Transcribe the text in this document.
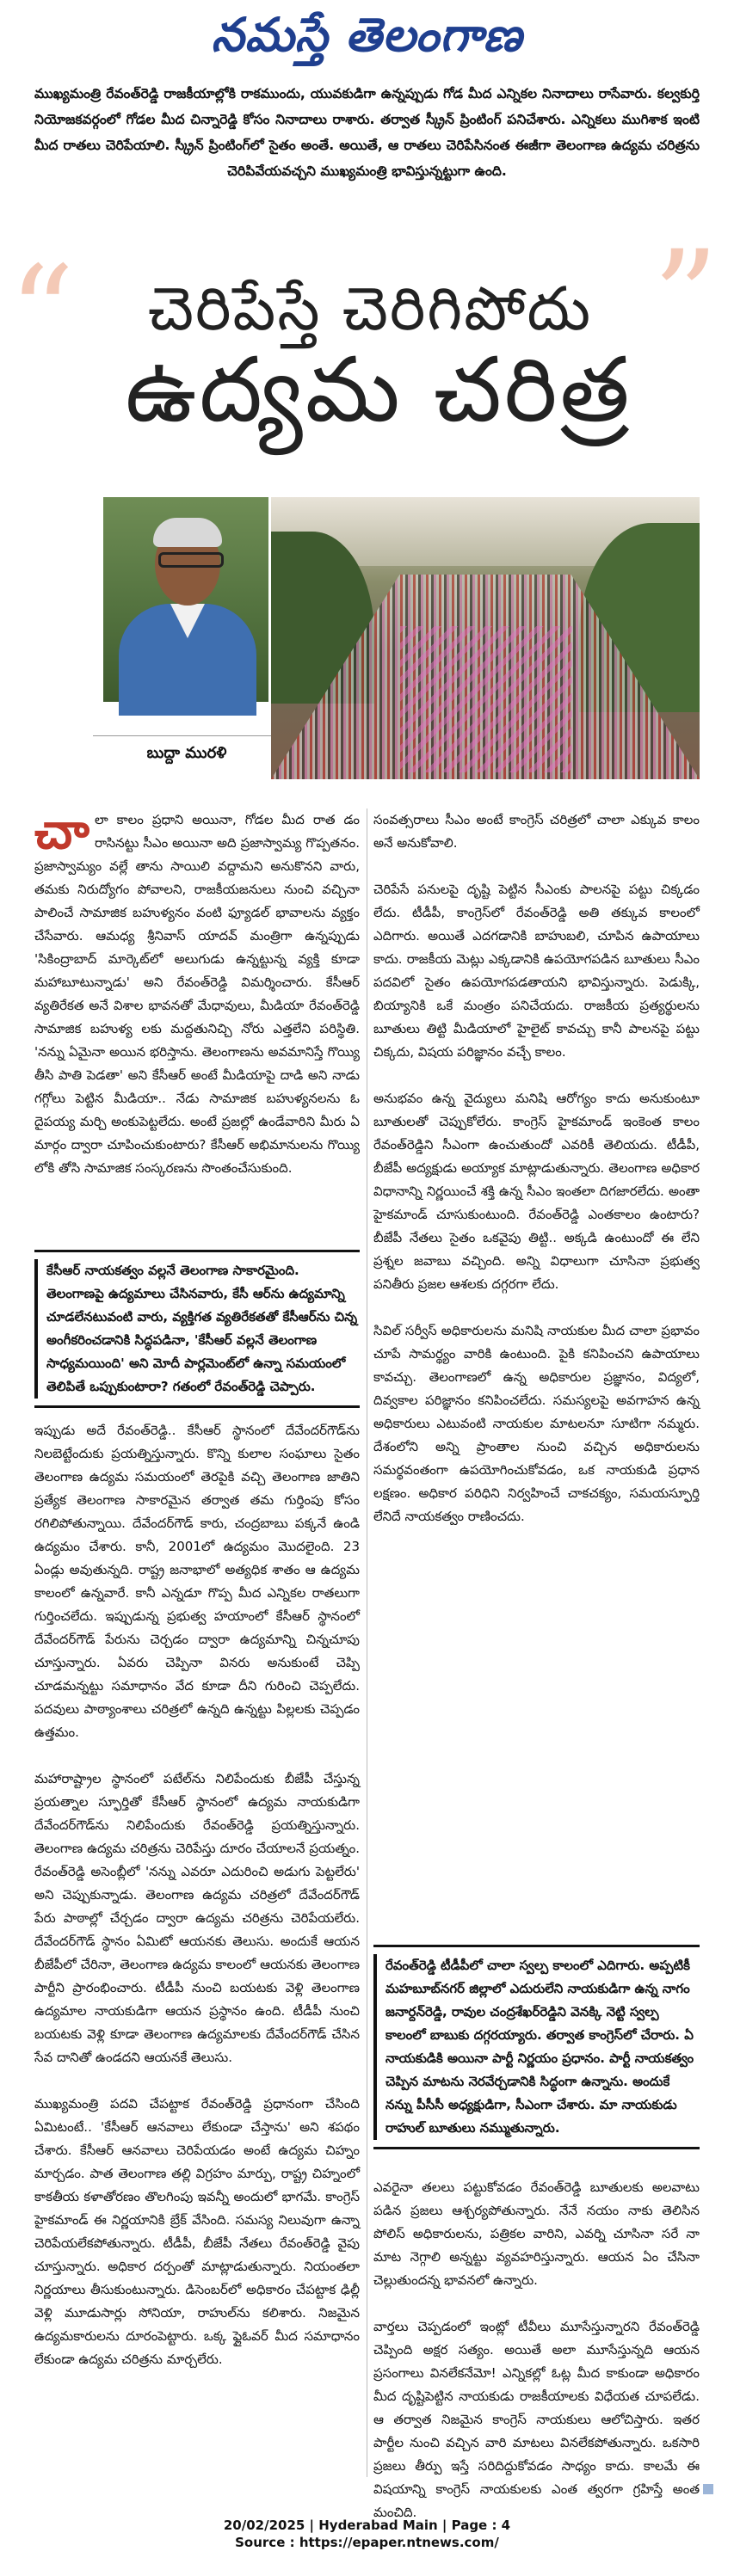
నమస్తే తెలంగాణ
ముఖ్యమంత్రి రేవంత్‌రెడ్డి రాజకీయాల్లోకి రాకముందు, యువకుడిగా ఉన్నప్పుడు గోడ మీద ఎన్నికల నినాదాలు రాసేవారు. కల్వకుర్తి నియోజకవర్గంలో గోడల మీద చిన్నారెడ్డి కోసం నినాదాలు రాశారు. తర్వాత స్క్రీన్ ప్రింటింగ్ పనిచేశారు. ఎన్నికలు ముగిశాక ఇంటి మీద రాతలు చెరిపేయాలి. స్క్రీన్ ప్రింటింగ్‌లో సైతం అంతే. అయితే, ఆ రాతలు చెరిపేసినంత ఈజీగా తెలంగాణ ఉద్యమ చరిత్రను చెరిపివేయవచ్చని ముఖ్యమంత్రి భావిస్తున్నట్టుగా ఉంది.
“	”
చెరిపేస్తే చెరిగిపోదు
ఉద్యమ చరిత్ర
బుద్దా మురళి
చా లా కాలం ప్రధాని అయినా, గోడల మీద రాత డం రాసినట్టు సీఎం అయినా అది ప్రజాస్వామ్య గొప్పతనం. ప్రజాస్వామ్యం వల్లే తాను సాయిలి వద్దామని అనుకొనని వారు, తమకు నిరుద్యోగం పోవాలని, రాజకీయజనులు నుంచి వచ్చినా పాలించే సామాజిక బహుళ్యనం వంటి ఫ్యూడల్ భావాలను వ్యక్తం చేసేవారు. ఆమధ్య శ్రీనివాస్ యాదవ్ మంత్రిగా ఉన్నప్పుడు 'సికింద్రాబాద్ మార్కెట్‌లో అలుగుడు ఉన్నట్టున్న వ్యక్తి కూడా మహాబూటున్నాడు' అని రేవంత్‌రెడ్డి విమర్శించారు. కేసీఆర్ వ్యతిరేకత అనే విశాల భావనతో మేధావులు, మీడియా రేవంత్‌రెడ్డి సామాజిక బహుళ్య లకు మద్దతునిచ్చి నోరు ఎత్తలేని పరిస్థితి. 'నన్ను ఏమైనా అయిన భరిస్తాను. తెలంగాణను అవమానిస్తే గొయ్యి తీసి పాతి పెడతా' అని కేసీఆర్ అంటే మీడియాపై దాడి అని నాడు గగ్గోలు పెట్టిన మీడియా.. నేడు సామాజిక బహుళ్యనలను ఓ దైపయ్య మర్చి అంకుపెట్టలేదు. అంటే ప్రజల్లో ఉండేవారిని మీరు ఏ మార్గం ద్వారా చూపించుకుంటారు? కేసీఆర్ అభిమానులను గొయ్యి లోకి తోసి సామాజిక సంస్కరణను సొంతంచేసుకుంది.

కేసీఆర్ నాయకత్వం వల్లనే తెలంగాణ సాకారమైంది. తెలంగాణపై ఉద్యమాలు చేసినవారు, కేసీ ఆర్‌ను ఉద్యమాన్ని చూడలేనటువంటి వారు, వ్యక్తిగత వ్యతిరేకతతో కేసీఆర్‌ను చిన్న అంగీకరించడానికి సిద్ధపడినా, 'కేసీఆర్ వల్లనే తెలంగాణ సాధ్యమయింది' అని మోదీ పార్లమెంట్‌లో ఉన్నా సమయంలో తెలిపితే ఒప్పుకుంటారా? గతంలో రేవంత్‌రెడ్డి చెప్పారు.
ఇప్పుడు అదే రేవంత్‌రెడ్డి.. కేసీఆర్ స్థానంలో దేవేందర్‌గౌడ్‌ను నిలబెట్టేందుకు ప్రయత్నిస్తున్నారు. కొన్ని కులాల సంఘాలు సైతం తెలంగాణ ఉద్యమ సమయంలో తెరపైకి వచ్చి తెలంగాణ జాతిని ప్రత్యేక తెలంగాణ సాకారమైన తర్వాత తమ గుర్తింపు కోసం రగిలిపోతున్నాయి. దేవేందర్‌గౌడ్ కారు, చంద్రబాబు పక్కనే ఉండి ఉద్యమం చేశారు. కానీ, 2001లో ఉద్యమం మొదలైంది. 23 ఏండ్లు అవుతున్నది. రాష్ట్ర జనాభాలో అత్యధిక శాతం ఆ ఉద్యమ కాలంలో ఉన్నవారే. కానీ ఎన్నడూ గొప్ప మీద ఎన్నికల రాతలుగా గుర్తించలేదు. ఇప్పుడున్న ప్రభుత్వ హయాంలో కేసీఆర్ స్థానంలో దేవేందర్‌గౌడ్ పేరును చెర్చడం ద్వారా ఉద్యమాన్ని చిన్నచూపు చూస్తున్నారు. ఏవరు చెప్పినా వినరు అనుకుంటే చెప్పి చూడమన్నట్టు సమాధానం వేద కూడా దీని గురించి చెప్పలేదు. పదవులు పాఠ్యాంశాలు చరిత్రలో ఉన్నది ఉన్నట్టు పిల్లలకు చెప్పడం ఉత్తమం.

మహారాష్ట్రాల స్థానంలో పటేల్‌ను నిలిపేందుకు బీజేపీ చేస్తున్న ప్రయత్నాల స్ఫూర్తితో కేసీఆర్ స్థానంలో ఉద్యమ నాయకుడిగా దేవేందర్‌గౌడ్‌ను నిలిపేందుకు రేవంత్‌రెడ్డి ప్రయత్నిస్తున్నారు. తెలంగాణ ఉద్యమ చరిత్రను చెరిపేస్తు దూరం చేయాలనే ప్రయత్నం. రేవంత్‌రెడ్డి అసెంబ్లీలో 'నన్ను ఎవరూ ఎదురించి అడుగు పెట్టలేరు' అని చెప్పుకున్నాడు. తెలంగాణ ఉద్యమ చరిత్రలో దేవేందర్‌గౌడ్ పేరు పాఠాల్లో చేర్చడం ద్వారా ఉద్యమ చరిత్రను చెరిపేయలేరు. దేవేందర్‌గౌడ్ స్థానం ఏమిటో ఆయనకు తెలుసు. అందుకే ఆయన బీజేపీలో చేరినా, తెలంగాణ ఉద్యమ కాలంలో ఆయనకు తెలంగాణ పార్టీని ప్రారంభించారు. టీడీపీ నుంచి బయటకు వెళ్లి తెలంగాణ ఉద్యమాల నాయకుడిగా ఆయన ప్రస్థానం ఉంది. టీడీపీ నుంచి బయటకు వెళ్లి కూడా తెలంగాణ ఉద్యమాలకు దేవేందర్‌గౌడ్ చేసిన సేవ దానితో ఉండదని ఆయనకే తెలుసు.

ముఖ్యమంత్రి పదవి చేపట్టాక రేవంత్‌రెడ్డి ప్రధానంగా చేసింది ఏమిటంటే.. 'కేసీఆర్ ఆనవాలు లేకుండా చేస్తాను' అని శపథం చేశారు. కేసీఆర్ ఆనవాలు చెరిపేయడం అంటే ఉద్యమ చిహ్నం మార్చడం. పాత తెలంగాణ తల్లి విగ్రహం మార్పు, రాష్ట్ర చిహ్నంలో కాకతీయ కళాతోరణం తొలగింపు ఇవన్నీ అందులో భాగమే. కాంగ్రెస్ హైకమాండ్ ఈ నిర్ణయానికి బ్రేక్ వేసింది. సమస్య నిలువుగా ఉన్నా చెరిపేయలేకపోతున్నారు. టీడీపీ, బీజేపీ నేతలు రేవంత్‌రెడ్డి వైపు చూస్తున్నారు. అధికార దర్పంతో మాట్లాడుతున్నారు. నియంతలా నిర్ణయాలు తీసుకుంటున్నారు. డిసెంబర్‌లో అధికారం చేపట్టాక ఢిల్లీ వెళ్లి మూడుసార్లు సోనియా, రాహుల్‌ను కలిశారు. నిజమైన ఉద్యమకారులను దూరంపెట్టారు. ఒక్క ఫ్లైఓవర్ మీద సమాధానం లేకుండా ఉద్యమ చరిత్రను మార్చలేరు.
సంవత్సరాలు సీఎం అంటే కాంగ్రెస్ చరిత్రలో చాలా ఎక్కువ కాలం అనే అనుకోవాలి.

చెరిపేసే పనులపై దృష్టి పెట్టిన సీఎంకు పాలనపై పట్టు చిక్కడం లేదు. టీడీపీ, కాంగ్రెస్‌లో రేవంత్‌రెడ్డి అతి తక్కువ కాలంలో ఎదిగారు. అయితే ఎదగడానికి బాహుబలి, చూపిన ఉపాయాలు కాదు. రాజకీయ మెట్లు ఎక్కడానికి ఉపయోగపడిన బూతులు సీఎం పదవిలో సైతం ఉపయోగపడతాయని భావిస్తున్నారు. పెడుక్కి, బియ్యానికి ఒకే మంత్రం పనిచేయదు. రాజకీయ ప్రత్యర్థులను బూతులు తిట్టి మీడియాలో హైలైట్ కావచ్చు కానీ పాలనపై పట్టు చిక్కదు, విషయ పరిజ్ఞానం వచ్చే కాలం.

అనుభవం ఉన్న వైద్యులు మనిషి ఆరోగ్యం కాదు అనుకుంటూ బూతులతో చెప్పుకోలేరు. కాంగ్రెస్ హైకమాండ్ ఇంకెంత కాలం రేవంత్‌రెడ్డిని సీఎంగా ఉంచుతుందో ఎవరికీ తెలియదు. టీడీపీ, బీజేపీ అద్యక్షుడు అయ్యాక మాట్లాడుతున్నారు. తెలంగాణ అధికార విధానాన్ని నిర్ణయించే శక్తి ఉన్న సీఎం ఇంతలా దిగజారలేదు. అంతా హైకమాండ్ చూసుకుంటుంది. రేవంత్‌రెడ్డి ఎంతకాలం ఉంటారు? బీజేపీ నేతలు సైతం ఒకవైపు తిట్టి.. అక్కడి ఉంటుందో ఈ లేని ప్రశ్నల జవాబు వచ్చింది. అన్ని విధాలుగా చూసినా ప్రభుత్వ పనితీరు ప్రజల ఆశలకు దగ్గరగా లేదు.

సివిల్ సర్వీస్ అధికారులను మనిషి నాయకుల మీద చాలా ప్రభావం చూపే సామర్థ్యం వారికి ఉంటుంది. పైకి కనిపించని ఉపాయాలు కావచ్చు. తెలంగాణలో ఉన్న అధికారుల ప్రజ్ఞానం, విద్యలో, దివ్వకాల పరిజ్ఞానం కనిపించలేదు. సమస్యలపై అవగాహన ఉన్న అధికారులు ఎటువంటి నాయకుల మాటలనూ సూటిగా నమ్మరు. దేశంలోని అన్ని ప్రాంతాల నుంచి వచ్చిన అధికారులను సమర్థవంతంగా ఉపయోగించుకోవడం, ఒక నాయకుడి ప్రధాన లక్షణం. అధికార పరిధిని నిర్వహించే చాకచక్యం, సమయస్ఫూర్తి లేనిదే నాయకత్వం రాణించదు.
రేవంత్‌రెడ్డి టీడీపీలో చాలా స్వల్ప కాలంలో ఎదిగారు. అప్పటికీ మహబూబ్‌నగర్ జిల్లాలో ఎదురులేని నాయకుడిగా ఉన్న నాగం జనార్దన్‌రెడ్డి, రావుల చంద్రశేఖర్‌రెడ్డిని వెనక్కి నెట్టి స్వల్ప కాలంలో బాబుకు దగ్గరయ్యారు. తర్వాత కాంగ్రెస్‌లో చేరారు. ఏ నాయకుడికి అయినా పార్టీ నిర్ణయం ప్రధానం. పార్టీ నాయకత్వం చెప్పిన మాటను నెరవేర్చడానికి సిద్ధంగా ఉన్నాను. అందుకే నన్ను పీసీసీ అధ్యక్షుడిగా, సీఎంగా చేశారు. మా నాయకుడు రాహుల్ బూతులు నమ్ముతున్నారు.
ఎవరైనా తలలు పట్టుకోవడం రేవంత్‌రెడ్డి బూతులకు అలవాటు పడిన ప్రజలు ఆశ్చర్యపోతున్నారు. నేనే నయం నాకు తెలిసిన పోలిస్ అధికారులను, పత్రికల వారిని, ఎవర్ని చూసినా సరే నా మాట నెగ్గాలి అన్నట్టు వ్యవహరిస్తున్నారు. ఆయన ఏం చేసినా చెల్లుతుందన్న భావనలో ఉన్నారు.

వార్తలు చెప్పడంలో ఇంట్లో టీవీలు మూసేస్తున్నారని రేవంత్‌రెడ్డి చెప్పింది అక్షర సత్యం. అయితే అలా మూసేస్తున్నది ఆయన ప్రసంగాలు వినలేకనేమో! ఎన్నికల్లో ఓట్ల మీద కాకుండా అధికారం మీద దృష్టిపెట్టిన నాయకుడు రాజకీయాలకు విధేయత చూపలేడు. ఆ తర్వాత నిజమైన కాంగ్రెస్ నాయకులు ఆలోచిస్తారు. ఇతర పార్టీల నుంచి వచ్చిన వారి మాటలు వినలేకపోతున్నారు. ఒకసారి ప్రజలు తీర్పు ఇస్తే సరిదిద్దుకోవడం సాధ్యం కాదు. కాలమే ఈ విషయాన్ని కాంగ్రెస్ నాయకులకు ఎంత త్వరగా గ్రహిస్తే అంత మంచిది.
20/02/2025 | Hyderabad Main | Page : 4
Source : https://epaper.ntnews.com/
